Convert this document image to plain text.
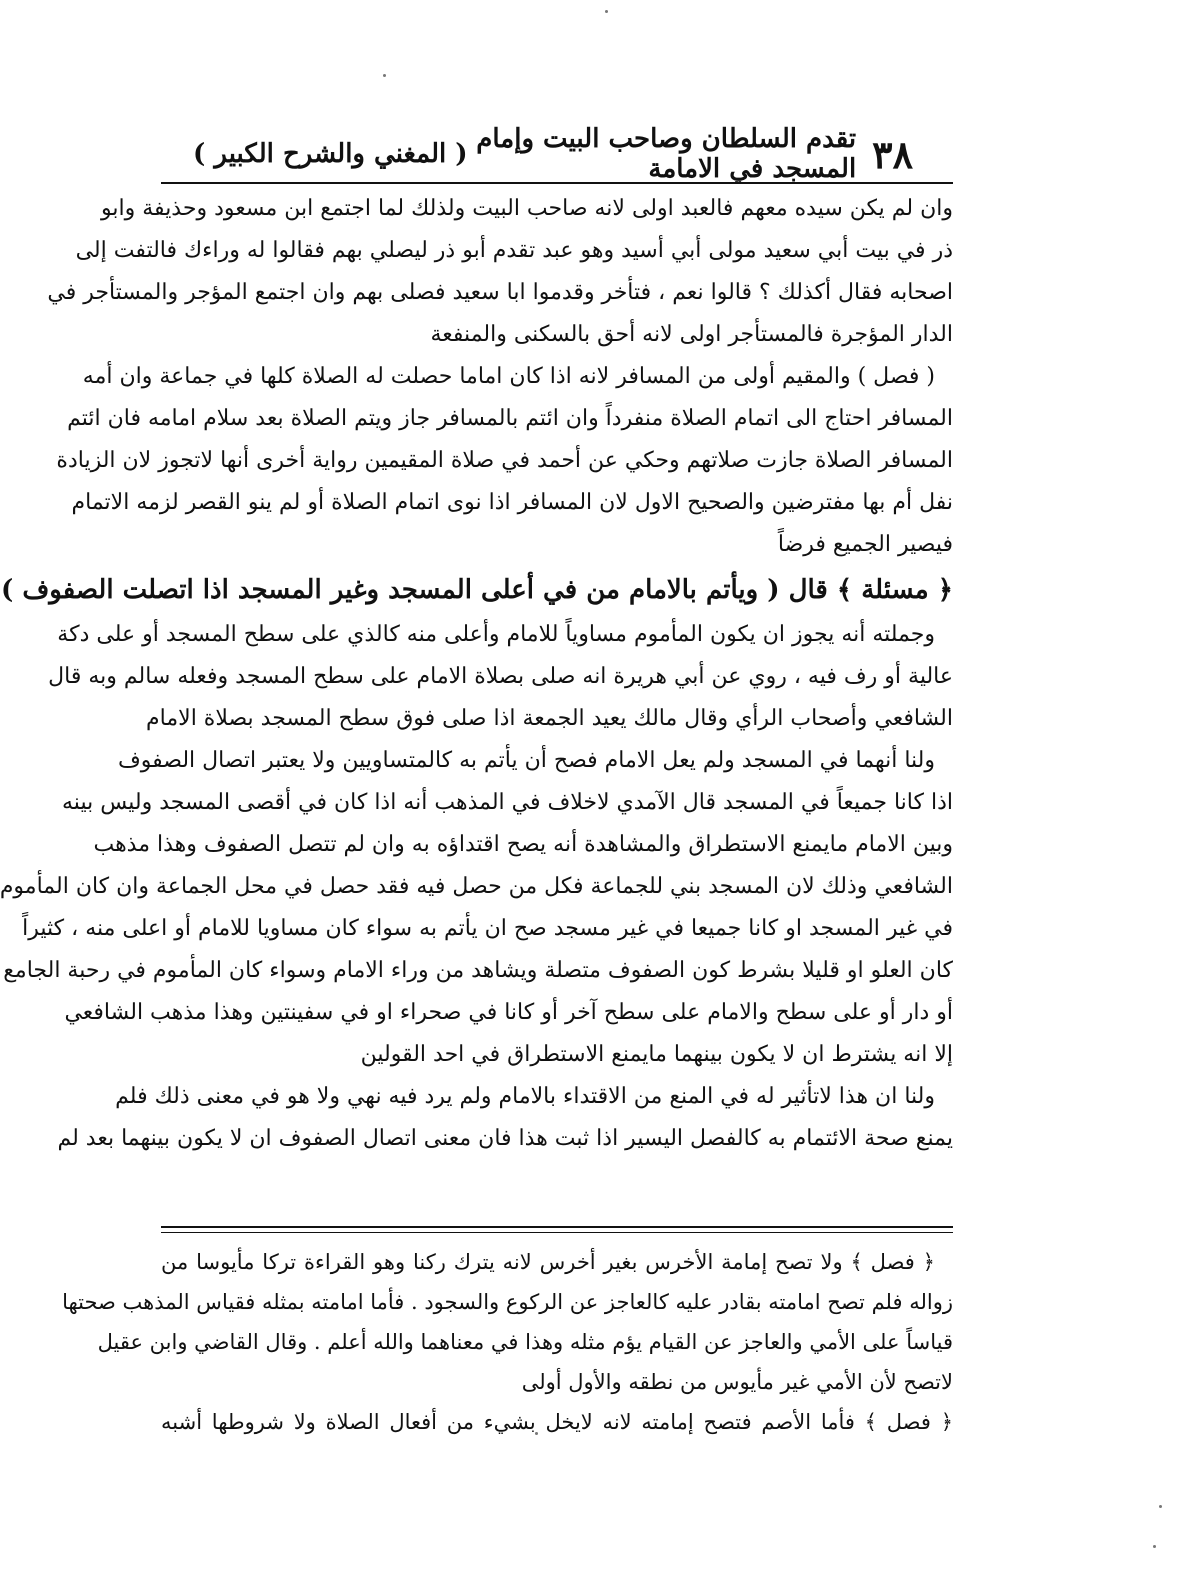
٣٨
تقدم السلطان وصاحب البيت وإمام المسجد في الامامة
( المغني والشرح الكبير )
وان لم يكن سيده معهم فالعبد اولى لانه صاحب البيت ولذلك لما اجتمع ابن مسعود وحذيفة وابو
ذر في بيت أبي سعيد مولى أبي أسيد وهو عبد تقدم أبو ذر ليصلي بهم فقالوا له وراءك فالتفت إلى
اصحابه فقال أكذلك ؟ قالوا نعم ، فتأخر وقدموا ابا سعيد فصلى بهم وان اجتمع المؤجر والمستأجر في
الدار المؤجرة فالمستأجر اولى لانه أحق بالسكنى والمنفعة
( فصل ) والمقيم أولى من المسافر لانه اذا كان اماما حصلت له الصلاة كلها في جماعة وان أمه
المسافر احتاج الى اتمام الصلاة منفرداً وان ائتم بالمسافر جاز ويتم الصلاة بعد سلام امامه فان ائتم
المسافر الصلاة جازت صلاتهم وحكي عن أحمد في صلاة المقيمين رواية أخرى أنها لاتجوز لان الزيادة
نفل أم بها مفترضين والصحيح الاول لان المسافر اذا نوى اتمام الصلاة أو لم ينو القصر لزمه الاتمام
فيصير الجميع فرضاً
﴿ مسئلة ﴾ قال ( ويأتم بالامام من في أعلى المسجد وغير المسجد اذا اتصلت الصفوف )
وجملته أنه يجوز ان يكون المأموم مساوياً للامام وأعلى منه كالذي على سطح المسجد أو على دكة
عالية أو رف فيه ، روي عن أبي هريرة انه صلى بصلاة الامام على سطح المسجد وفعله سالم وبه قال
الشافعي وأصحاب الرأي وقال مالك يعيد الجمعة اذا صلى فوق سطح المسجد بصلاة الامام
ولنا أنهما في المسجد ولم يعل الامام فصح أن يأتم به كالمتساويين ولا يعتبر اتصال الصفوف
اذا كانا جميعاً في المسجد قال الآمدي لاخلاف في المذهب أنه اذا كان في أقصى المسجد وليس بينه
وبين الامام مايمنع الاستطراق والمشاهدة أنه يصح اقتداؤه به وان لم تتصل الصفوف وهذا مذهب
الشافعي وذلك لان المسجد بني للجماعة فكل من حصل فيه فقد حصل في محل الجماعة وان كان المأموم
في غير المسجد او كانا جميعا في غير مسجد صح ان يأتم به سواء كان مساويا للامام أو اعلى منه ، كثيراً
كان العلو او قليلا بشرط كون الصفوف متصلة ويشاهد من وراء الامام وسواء كان المأموم في رحبة الجامع
أو دار أو على سطح والامام على سطح آخر أو كانا في صحراء او في سفينتين وهذا مذهب الشافعي
إلا انه يشترط ان لا يكون بينهما مايمنع الاستطراق في احد القولين
ولنا ان هذا لاتأثير له في المنع من الاقتداء بالامام ولم يرد فيه نهي ولا هو في معنى ذلك فلم
يمنع صحة الائتمام به كالفصل اليسير اذا ثبت هذا فان معنى اتصال الصفوف ان لا يكون بينهما بعد لم
﴿ فصل ﴾ ولا تصح إمامة الأخرس بغير أخرس لانه يترك ركنا وهو القراءة تركا مأيوسا من
زواله فلم تصح امامته بقادر عليه كالعاجز عن الركوع والسجود . فأما امامته بمثله فقياس المذهب صحتها
قياساً على الأمي والعاجز عن القيام يؤم مثله وهذا في معناهما والله أعلم . وقال القاضي وابن عقيل
لاتصح لأن الأمي غير مأيوس من نطقه والأول أولى
﴿ فصل ﴾ فأما الأصم فتصح إمامته لانه لايخل بشيء من أفعال الصلاة ولا شروطها أشبه
